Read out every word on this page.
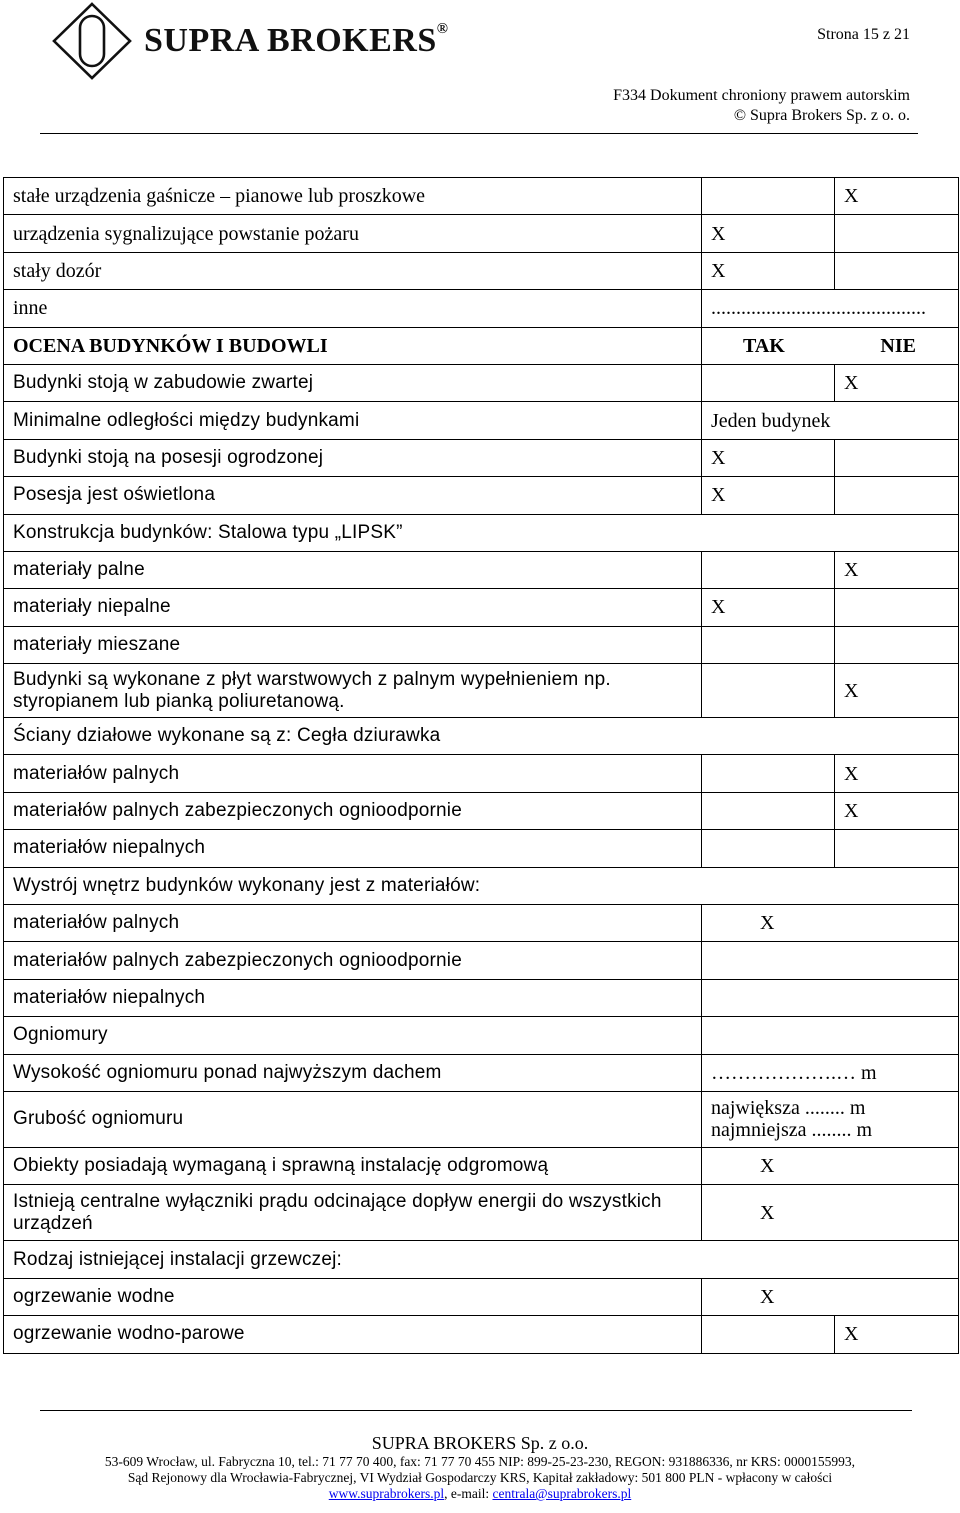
SUPRA BROKERS®	Strona 15 z 21
F334 Dokument chroniony prawem autorskim
© Supra Brokers Sp. z o. o.
stałe urządzenia gaśnicze – pianowe lub proszkowe		X
urządzenia sygnalizujące powstanie pożaru	X	
stały dozór	X	
inne	...........................................	
OCENA BUDYNKÓW I BUDOWLI	TAK NIE	

Budynki stoją w zabudowie zwartej		X
Minimalne odległości między budynkami	Jeden budynek	
Budynki stoją na posesji ogrodzonej	X	
Posesja jest oświetlona	X	
Konstrukcja budynków: Stalowa typu „LIPSK”		
materiały palne		X
materiały niepalne	X	
materiały mieszane		
Budynki są wykonane z płyt warstwowych z palnym wypełnieniem np. styropianem lub pianką poliuretanową.		X
Ściany działowe wykonane są z: Cegła dziurawka		
materiałów palnych		X
materiałów palnych zabezpieczonych ognioodpornie		X
materiałów niepalnych		
Wystrój wnętrz budynków wykonany jest z materiałów:		
materiałów palnych	X	
materiałów palnych zabezpieczonych ognioodpornie		
materiałów niepalnych		
Ogniomury		
Wysokość ogniomuru ponad najwyższym dachem	……………….… m	
Grubość ogniomuru	największa ........ m
najmniejsza ........ m	

Obiekty posiadają wymaganą i sprawną instalację odgromową	X	
Istnieją centralne wyłączniki prądu odcinające dopływ energii do wszystkich urządzeń	X	
Rodzaj istniejącej instalacji grzewczej:		
ogrzewanie wodne	X	
ogrzewanie wodno-parowe		X
SUPRA BROKERS Sp. z o.o.
53-609 Wrocław, ul. Fabryczna 10, tel.: 71 77 70 400, fax: 71 77 70 455 NIP: 899-25-23-230, REGON: 931886336, nr KRS: 0000155993,
Sąd Rejonowy dla Wrocławia-Fabrycznej, VI Wydział Gospodarczy KRS, Kapitał zakładowy: 501 800 PLN - wpłacony w całości
www.suprabrokers.pl, e-mail: centrala@suprabrokers.pl
